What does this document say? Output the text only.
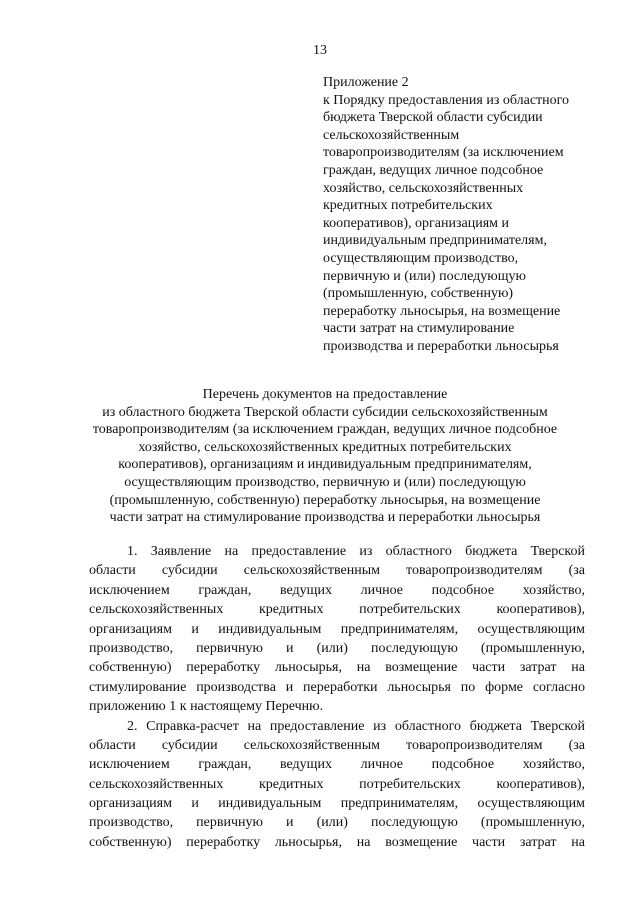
13
Приложение 2
к Порядку предоставления из областного
бюджета Тверской области субсидии
сельскохозяйственным
товаропроизводителям (за исключением
граждан, ведущих личное подсобное
хозяйство, сельскохозяйственных
кредитных потребительских
кооперативов), организациям и
индивидуальным предпринимателям,
осуществляющим производство,
первичную и (или) последующую
(промышленную, собственную)
переработку льносырья, на возмещение
части затрат на стимулирование
производства и переработки льносырья
Перечень документов на предоставление
из областного бюджета Тверской области субсидии сельскохозяйственным
товаропроизводителям (за исключением граждан, ведущих личное подсобное
хозяйство, сельскохозяйственных кредитных потребительских
кооперативов), организациям и индивидуальным предпринимателям,
осуществляющим производство, первичную и (или) последующую
(промышленную, собственную) переработку льносырья, на возмещение
части затрат на стимулирование производства и переработки льносырья
1. Заявление на предоставление из областного бюджета Тверской
области субсидии сельскохозяйственным товаропроизводителям (за
исключением граждан, ведущих личное подсобное хозяйство,
сельскохозяйственных кредитных потребительских кооперативов),
организациям и индивидуальным предпринимателям, осуществляющим
производство, первичную и (или) последующую (промышленную,
собственную) переработку льносырья, на возмещение части затрат на
стимулирование производства и переработки льносырья по форме согласно
приложению 1 к настоящему Перечню.
2. Справка-расчет на предоставление из областного бюджета Тверской
области субсидии сельскохозяйственным товаропроизводителям (за
исключением граждан, ведущих личное подсобное хозяйство,
сельскохозяйственных кредитных потребительских кооперативов),
организациям и индивидуальным предпринимателям, осуществляющим
производство, первичную и (или) последующую (промышленную,
собственную) переработку льносырья, на возмещение части затрат на
